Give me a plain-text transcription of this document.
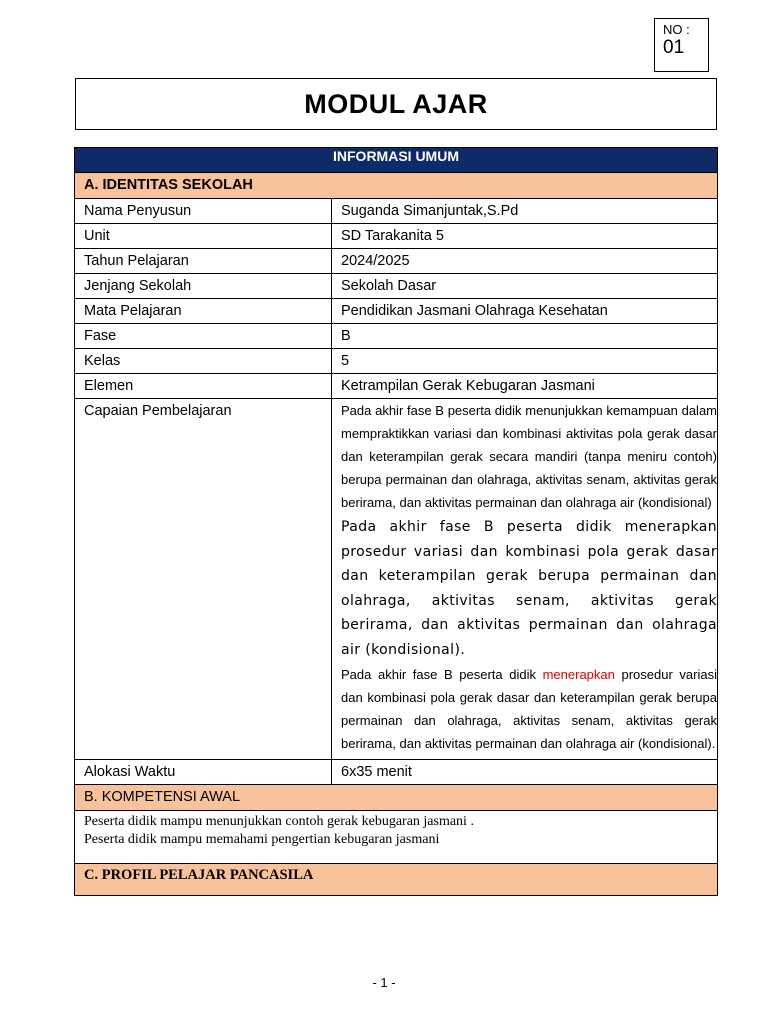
NO :
01
MODUL AJAR
INFORMASI UMUM	
A. IDENTITAS SEKOLAH	
Nama Penyusun	Suganda Simanjuntak,S.Pd
Unit	SD Tarakanita 5
Tahun Pelajaran	2024/2025
Jenjang Sekolah	Sekolah Dasar
Mata Pelajaran	Pendidikan Jasmani Olahraga Kesehatan
Fase	B
Kelas	5
Elemen	Ketrampilan Gerak Kebugaran Jasmani
Capaian Pembelajaran	Pada akhir fase B peserta didik menunjukkan kemampuan dalam mempraktikkan variasi dan kombinasi aktivitas pola gerak dasar dan keterampilan gerak secara mandiri (tanpa meniru contoh) berupa permainan dan olahraga, aktivitas senam, aktivitas gerak berirama, dan aktivitas permainan dan olahraga air (kondisional)
Pada akhir fase B peserta didik menerapkan prosedur variasi dan kombinasi pola gerak dasar dan keterampilan gerak berupa permainan dan olahraga, aktivitas senam, aktivitas gerak berirama, dan aktivitas permainan dan olahraga air (kondisional).
Pada akhir fase B peserta didik menerapkan prosedur variasi dan kombinasi pola gerak dasar dan keterampilan gerak berupa permainan dan olahraga, aktivitas senam, aktivitas gerak berirama, dan aktivitas permainan dan olahraga air (kondisional).

Alokasi Waktu	6x35 menit
B. KOMPETENSI AWAL	

Peserta didik mampu menunjukkan contoh gerak kebugaran jasmani .
Peserta didik mampu memahami pengertian kebugaran jasmani	

C. PROFIL PELAJAR PANCASILA	
- 1 -
